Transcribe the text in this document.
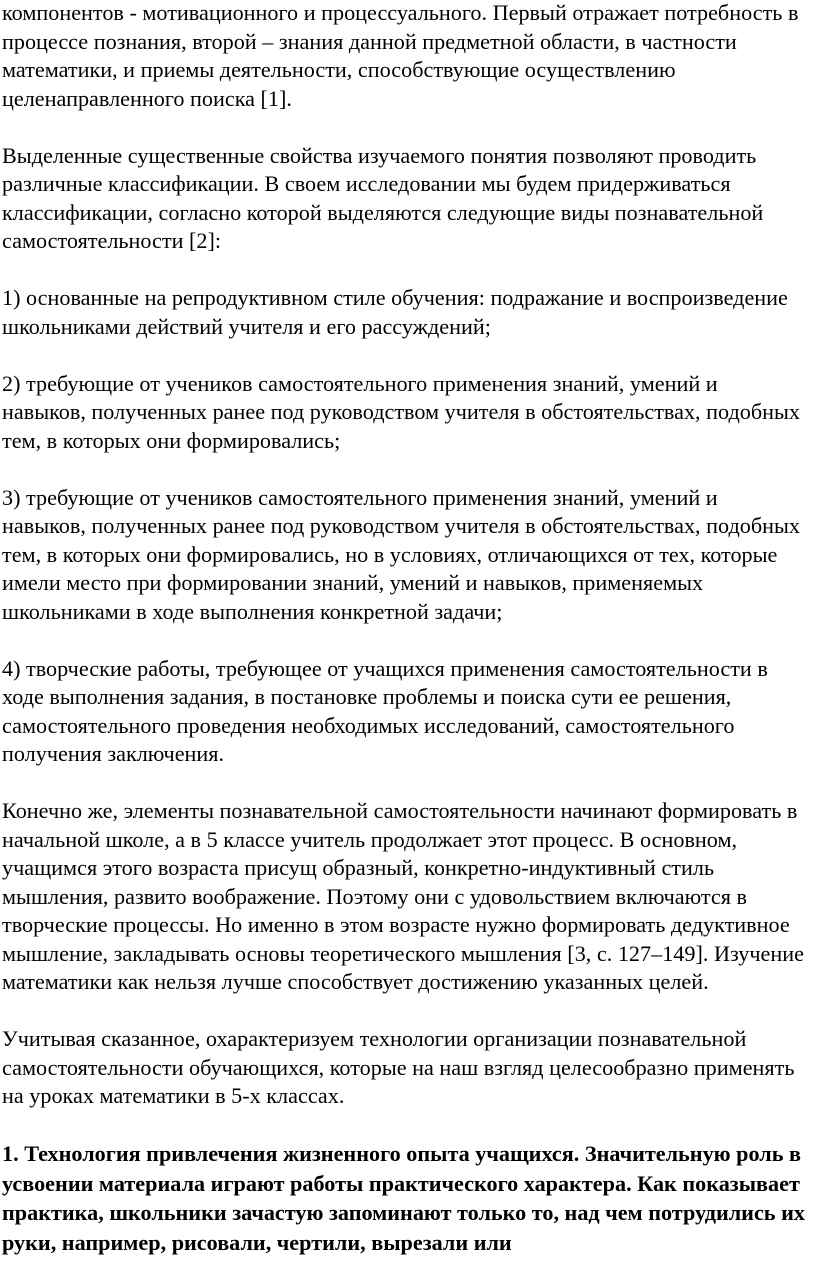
компонентов - мотивационного и процессуального. Первый отражает потребность в процессе познания, второй – знания данной предметной области, в частности математики, и приемы деятельности, способствующие осуществлению целенаправленного поиска [1].

Выделенные существенные свойства изучаемого понятия позволяют проводить различные классификации. В своем исследовании мы будем придерживаться классификации, согласно которой выделяются следующие виды познавательной самостоятельности [2]:

1) основанные на репродуктивном стиле обучения: подражание и воспроизведение школьниками действий учителя и его рассуждений;

2) требующие от учеников самостоятельного применения знаний, умений и навыков, полученных ранее под руководством учителя в обстоятельствах, подобных тем, в которых они формировались;

3) требующие от учеников самостоятельного применения знаний, умений и навыков, полученных ранее под руководством учителя в обстоятельствах, подобных тем, в которых они формировались, но в условиях, отличающихся от тех, которые имели место при формировании знаний, умений и навыков, применяемых школьниками в ходе выполнения конкретной задачи;

4) творческие работы, требующее от учащихся применения самостоятельности в ходе выполнения задания, в постановке проблемы и поиска сути ее решения, самостоятельного проведения необходимых исследований, самостоятельного получения заключения.

Конечно же, элементы познавательной самостоятельности начинают формировать в начальной школе, а в 5 классе учитель продолжает этот процесс. В основном, учащимся этого возраста присущ образный, конкретно-индуктивный стиль мышления, развито воображение. Поэтому они с удовольствием включаются в творческие процессы. Но именно в этом возрасте нужно формировать дедуктивное мышление, закладывать основы теоретического мышления [3, с. 127–149]. Изучение математики как нельзя лучше способствует достижению указанных целей.

Учитывая сказанное, охарактеризуем технологии организации познавательной самостоятельности обучающихся, которые на наш взгляд целесообразно применять на уроках математики в 5-х классах.

1. Технология привлечения жизненного опыта учащихся. Значительную роль в усвоении материала играют работы практического характера. Как показывает практика, школьники зачастую запоминают только то, над чем потрудились их руки, например, рисовали, чертили, вырезали или
